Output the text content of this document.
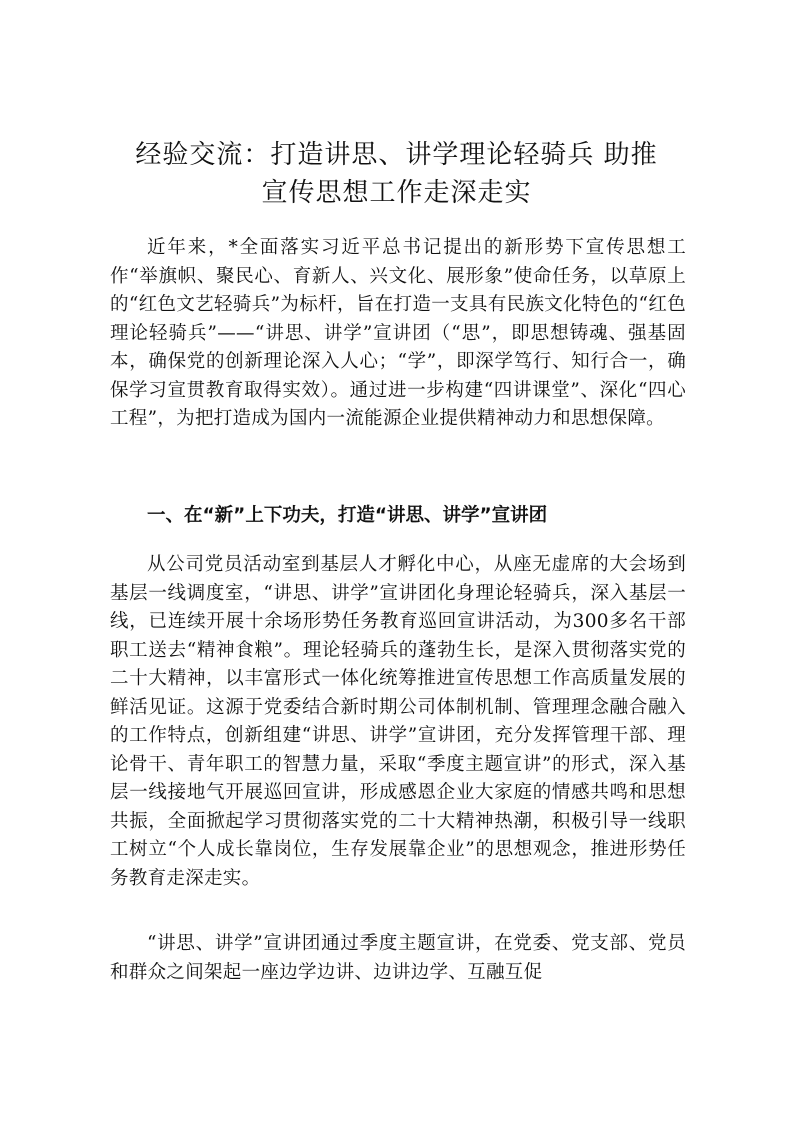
经验交流：打造讲思、讲学理论轻骑兵 助推
宣传思想工作走深走实

近年来，*全面落实习近平总书记提出的新形势下宣传思想工作“举旗帜、聚民心、育新人、兴文化、展形象”使命任务，以草原上的“红色文艺轻骑兵”为标杆，旨在打造一支具有民族文化特色的“红色理论轻骑兵”——“讲思、讲学”宣讲团（“思”，即思想铸魂、强基固本，确保党的创新理论深入人心；“学”，即深学笃行、知行合一，确保学习宣贯教育取得实效）。通过进一步构建“四讲课堂”、深化“四心工程”，为把打造成为国内一流能源企业提供精神动力和思想保障。

一、在“新”上下功夫，打造“讲思、讲学”宣讲团

从公司党员活动室到基层人才孵化中心，从座无虚席的大会场到基层一线调度室，“讲思、讲学”宣讲团化身理论轻骑兵，深入基层一线，已连续开展十余场形势任务教育巡回宣讲活动，为300多名干部职工送去“精神食粮”。理论轻骑兵的蓬勃生长，是深入贯彻落实党的二十大精神，以丰富形式一体化统筹推进宣传思想工作高质量发展的鲜活见证。这源于党委结合新时期公司体制机制、管理理念融合融入的工作特点，创新组建“讲思、讲学”宣讲团，充分发挥管理干部、理论骨干、青年职工的智慧力量，采取“季度主题宣讲”的形式，深入基层一线接地气开展巡回宣讲，形成感恩企业大家庭的情感共鸣和思想共振，全面掀起学习贯彻落实党的二十大精神热潮，积极引导一线职工树立“个人成长靠岗位，生存发展靠企业”的思想观念，推进形势任务教育走深走实。

“讲思、讲学”宣讲团通过季度主题宣讲，在党委、党支部、党员和群众之间架起一座边学边讲、边讲边学、互融互促
